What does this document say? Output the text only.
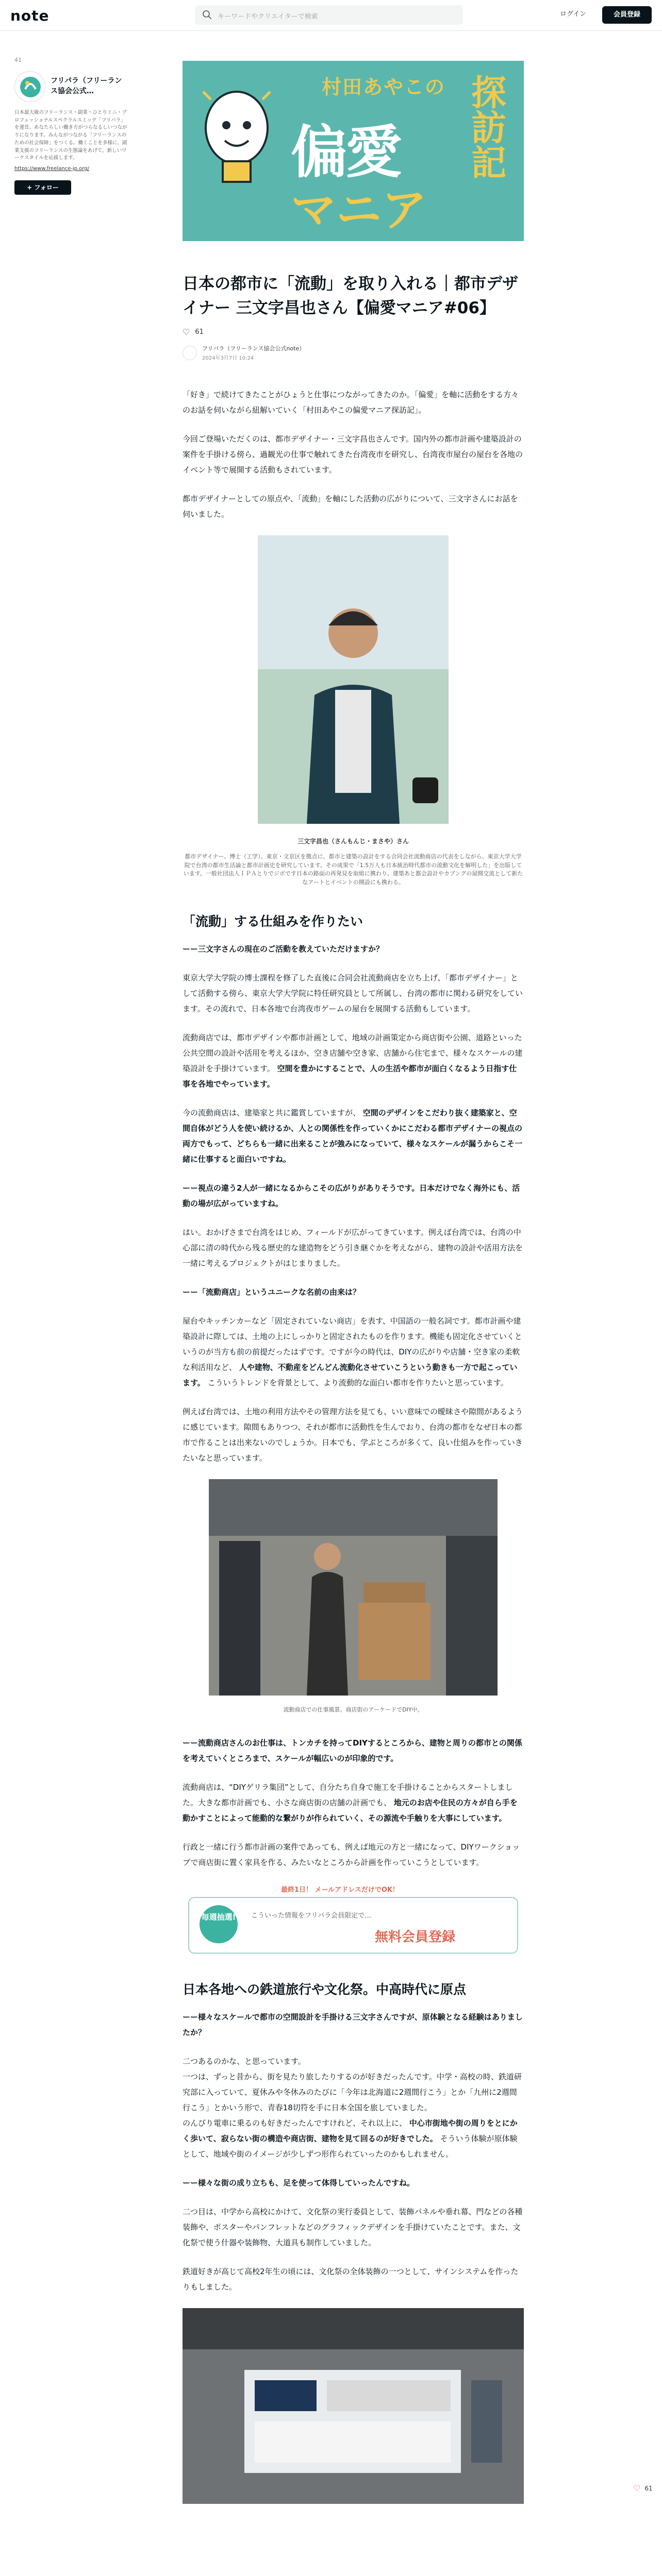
note	キーワードやクリエイターで検索	ログイン	会員登録
41
フリパラ（フリーランス協会公式…
日本最大級のフリーランス・副業・ひとりミニ・プロフェッショナルスペクラルスミック「フリパラ」を運営。あなたらしい働き方がつらなるしいつながりになります。みんながつながる「フリーランスのための社会保障」をつくる。働くことを多様に、副業支援のフリーランスの生態論をあげて、新しいワークスタイルを応援します。
https://www.freelance-jp.org/
+ フォロー
村田あやこの
偏愛
マニア
探訪記
日本の都市に「流動」を取り入れる｜都市デザイナー 三文字昌也さん【偏愛マニア#06】
♡ 61
フリパラ（フリーランス協会公式note）
2024年3月7日 10:24

「好き」で続けてきたことがひょうと仕事につながってきたのか。「偏愛」を軸に活動をする方々のお話を伺いながら紐解いていく「村田あやこの偏愛マニア探訪記」。

今回ご登場いただくのは、都市デザイナー・三文字昌也さんです。国内外の都市計画や建築設計の案件を手掛ける傍ら、過観光の仕事で触れてきた台湾夜市を研究し、台湾夜市屋台の屋台を各地のイベント等で展開する活動もされています。

都市デザイナーとしての原点や、「流動」を軸にした活動の広がりについて、三文字さんにお話を伺いました。

三文字昌也（さんもんじ・まさや）さん
都市デザイナー。博士（工学）。東京・文京区を拠点に、都市と建築の設計をする合同会社流動商店の代表をしながら、東京大学大学院で台湾の都市生活論と都市計画史を研究しています。その成果で「1.5万人も日本統治時代都市の流動文化を解明した」を出版しています。一般社団法人ＩＰＡとりでジボです日本の路面の再発見を取組に携わり、建築あと都会設計やカブングの屋間交流として新たなアートとイベントの開設にも携わる。
「流動」する仕組みを作りたい

ーー三文字さんの現在のご活動を教えていただけますか？

東京大学大学院の博士課程を修了した直後に合同会社流動商店を立ち上げ、「都市デザイナー」として活動する傍ら、東京大学大学院に特任研究員として所属し、台湾の都市に関わる研究をしています。その流れで、日本各地で台湾夜市ゲームの屋台を展開する活動もしています。

流動商店では、都市デザインや都市計画として、地域の計画策定から商店街や公園、道路といった公共空間の設計や活用を考えるほか、空き店舗や空き家、店舗から住宅まで、様々なスケールの建築設計を手掛けています。 空間を豊かにすることで、人の生活や都市が面白くなるよう日指す仕事を各地でやっています。

今の流動商店は、建築家と共に鑑賞していますが、 空間のデザインをこだわり抜く建築家と、空間自体がどう人を使い続けるか、人との関係性を作っていくかにこだわる都市デザイナーの視点の両方でもって、どちらも一緒に出来ることが強みになっていて、様々なスケールが漏うからこそ一緒に仕事すると面白いですね。

ーー視点の違う2人が一緒になるからこその広がりがありそうです。日本だけでなく海外にも、活動の場が広がっていますね。

はい。おかげさまで台湾をはじめ、フィールドが広がってきています。例えば台湾では、台湾の中心部に清の時代から残る歴史的な建造物をどう引き継ぐかを考えながら、建物の設計や活用方法を一緒に考えるプロジェクトがはじまりました。

ーー「流動商店」というユニークな名前の由来は？

屋台やキッチンカーなど「固定されていない商店」を表す、中国語の一般名詞です。都市計画や建築設計に際しては、土地の上にしっかりと固定されたものを作ります。機能も固定化させていくというのが当方も前の前提だったはずです。ですが今の時代は、DIYの広がりや店舗・空き家の柔軟な利活用など、 人や建物、不動産をどんどん流動化させていこうという動きも一方で起こっています。 こういうトレンドを背景として、より流動的な面白い都市を作りたいと思っています。

例えば台湾では、土地の利用方法やその管理方法を見ても、いい意味での曖昧さや隙間があるように感じています。隙間もありつつ、それが都市に活動性を生んでおり、台湾の都市をなぜ日本の都市で作ることは出来ないのでしょうか。日本でも、学ぶところが多くて、良い仕組みを作っていきたいなと思っています。

流動商店での仕事風景。商店街のアーケードでDIY中。

ーー流動商店さんのお仕事は、トンカチを持ってDIYするところから、建物と周りの都市との関係を考えていくところまで、スケールが幅広いのが印象的です。

流動商店は、“DIYゲリラ集団”として、自分たち自身で施工を手掛けることからスタートしました。大きな都市計画でも、小さな商店街の店舗の計画でも、 地元のお店や住民の方々が自ら手を動かすことによって能動的な繋がりが作られていく、その源流や手触りを大事にしています。

行政と一緒に行う都市計画の案件であっても、例えば地元の方と一緒になって、DIYワークショップで商店街に置く家具を作る、みたいなところから計画を作っていこうとしています。

最終1日！ メールアドレスだけでOK！
毎週抽選! こういった情報をフリパラ会員限定で…
無料会員登録
日本各地への鉄道旅行や文化祭。中高時代に原点

ーー様々なスケールで都市の空間設計を手掛ける三文字さんですが、原体験となる経験はありましたか？

二つあるのかな、と思っています。

一つは、ずっと昔から、街を見たり旅したりするのが好きだったんです。中学・高校の時、鉄道研究部に入っていて、夏休みや冬休みのたびに「今年は北海道に2週間行こう」とか「九州に2週間行こう」とかいう形で、青春18切符を手に日本全国を旅していました。

のんびり電車に乗るのも好きだったんですけれど、それ以上に、 中心市街地や街の周りをとにかく歩いて、寂らない街の構造や商店街、建物を見て回るのが好きでした。 そういう体験が原体験として、地域や街のイメージが少しずつ形作られていったのかもしれません。

ーー様々な街の成り立ちも、足を使って体得していったんですね。

二つ目は、中学から高校にかけて、文化祭の実行委員として、装飾パネルや垂れ幕、門などの各種装飾や、ポスターやパンフレットなどのグラフィックデザインを手掛けていたことです。また、文化祭で使う什器や装飾物、大道具も制作していました。

鉄道好きが高じて高校2年生の頃には、文化祭の全体装飾の一つとして、サインシステムを作ったりもしました。

♡ 61
